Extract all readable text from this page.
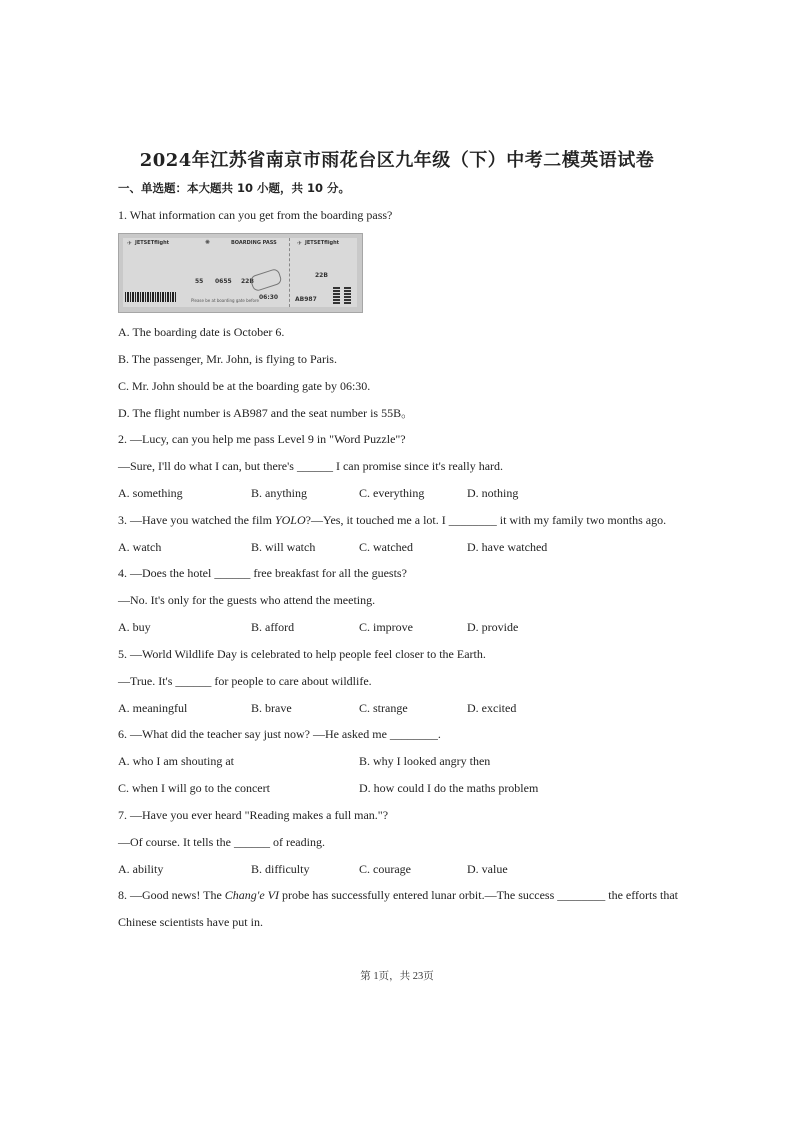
2024年江苏省南京市雨花台区九年级（下）中考二模英语试卷
一、单选题：本大题共 10 小题，共 10 分。
1. What information can you get from the boarding pass?
✈ JETSETflight	✺	BOARDING PASS	✈ JETSETflight
55 0655 22B
22B
AB987
Please be at boarding gate before 06:30
A. The boarding date is October 6.
B. The passenger, Mr. John, is flying to Paris.
C. Mr. John should be at the boarding gate by 06:30.
D. The flight number is AB987 and the seat number is 55B。
2. —Lucy, can you help me pass Level 9 in "Word Puzzle"?
—Sure, I'll do what I can, but there's ______ I can promise since it's really hard.
A. something	B. anything	C. everything	D. nothing
3. —Have you watched the film YOLO?—Yes, it touched me a lot. I ________ it with my family two months ago.
A. watch	B. will watch	C. watched	D. have watched
4. —Does the hotel ______ free breakfast for all the guests?
—No. It's only for the guests who attend the meeting.
A. buy	B. afford	C. improve	D. provide
5. —World Wildlife Day is celebrated to help people feel closer to the Earth.
—True. It's ______ for people to care about wildlife.
A. meaningful	B. brave	C. strange	D. excited
6. —What did the teacher say just now? —He asked me ________.
A. who I am shouting at	B. why I looked angry then
C. when I will go to the concert	D. how could I do the maths problem
7. —Have you ever heard "Reading makes a full man."?
—Of course. It tells the ______ of reading.
A. ability	B. difficulty	C. courage	D. value
8. —Good news! The Chang'e VI probe has successfully entered lunar orbit.—The success ________ the efforts that
Chinese scientists have put in.
第 1页，共 23页
